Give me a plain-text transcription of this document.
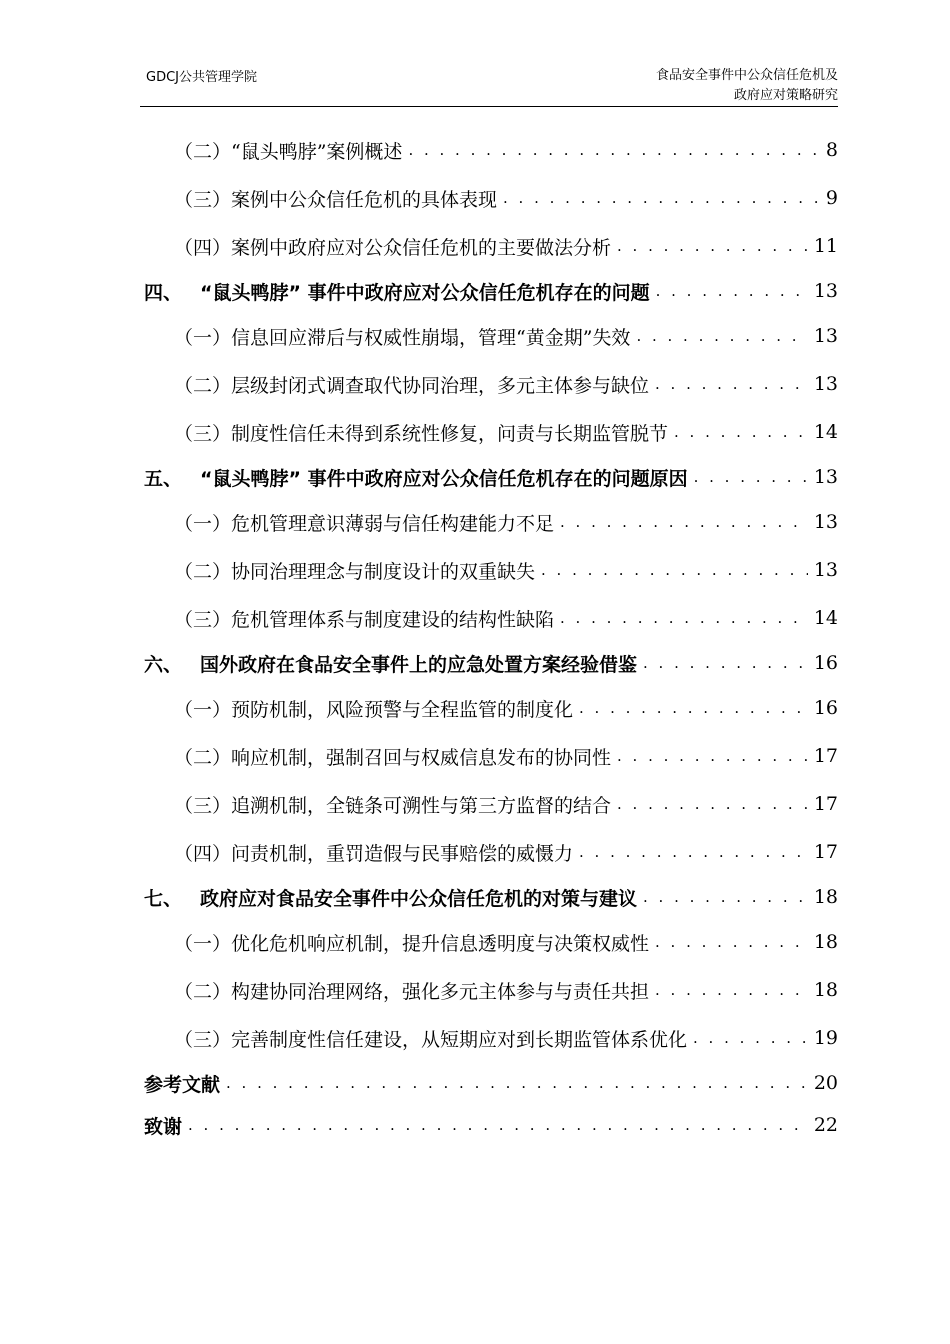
GDCJ公共管理学院	食品安全事件中公众信任危机及
政府应对策略研究
（二）“鼠头鸭脖”案例概述 . . .	8
（三）案例中公众信任危机的具体表现 . . .	9
（四）案例中政府应对公众信任危机的主要做法分析 . . .	11
四、 “鼠头鸭脖” 事件中政府应对公众信任危机存在的问题 . . .	13
（一）信息回应滞后与权威性崩塌，管理“黄金期”失效 . . .	13
（二）层级封闭式调查取代协同治理，多元主体参与缺位 . . .	13
（三）制度性信任未得到系统性修复，问责与长期监管脱节 . . .	14
五、 “鼠头鸭脖” 事件中政府应对公众信任危机存在的问题原因 . . .	13
（一）危机管理意识薄弱与信任构建能力不足 . . .	13
（二）协同治理理念与制度设计的双重缺失 . . .	13
（三）危机管理体系与制度建设的结构性缺陷 . . .	14
六、 国外政府在食品安全事件上的应急处置方案经验借鉴 . . .	16
（一）预防机制，风险预警与全程监管的制度化 . . .	16
（二）响应机制，强制召回与权威信息发布的协同性 . . .	17
（三）追溯机制，全链条可溯性与第三方监督的结合 . . .	17
（四）问责机制，重罚造假与民事赔偿的威慑力 . . .	17
七、 政府应对食品安全事件中公众信任危机的对策与建议 . . .	18
（一）优化危机响应机制，提升信息透明度与决策权威性 . . .	18
（二）构建协同治理网络，强化多元主体参与与责任共担 . . .	18
（三）完善制度性信任建设，从短期应对到长期监管体系优化 . . .	19
参考文献 . . .	20
致谢 . . .	22
